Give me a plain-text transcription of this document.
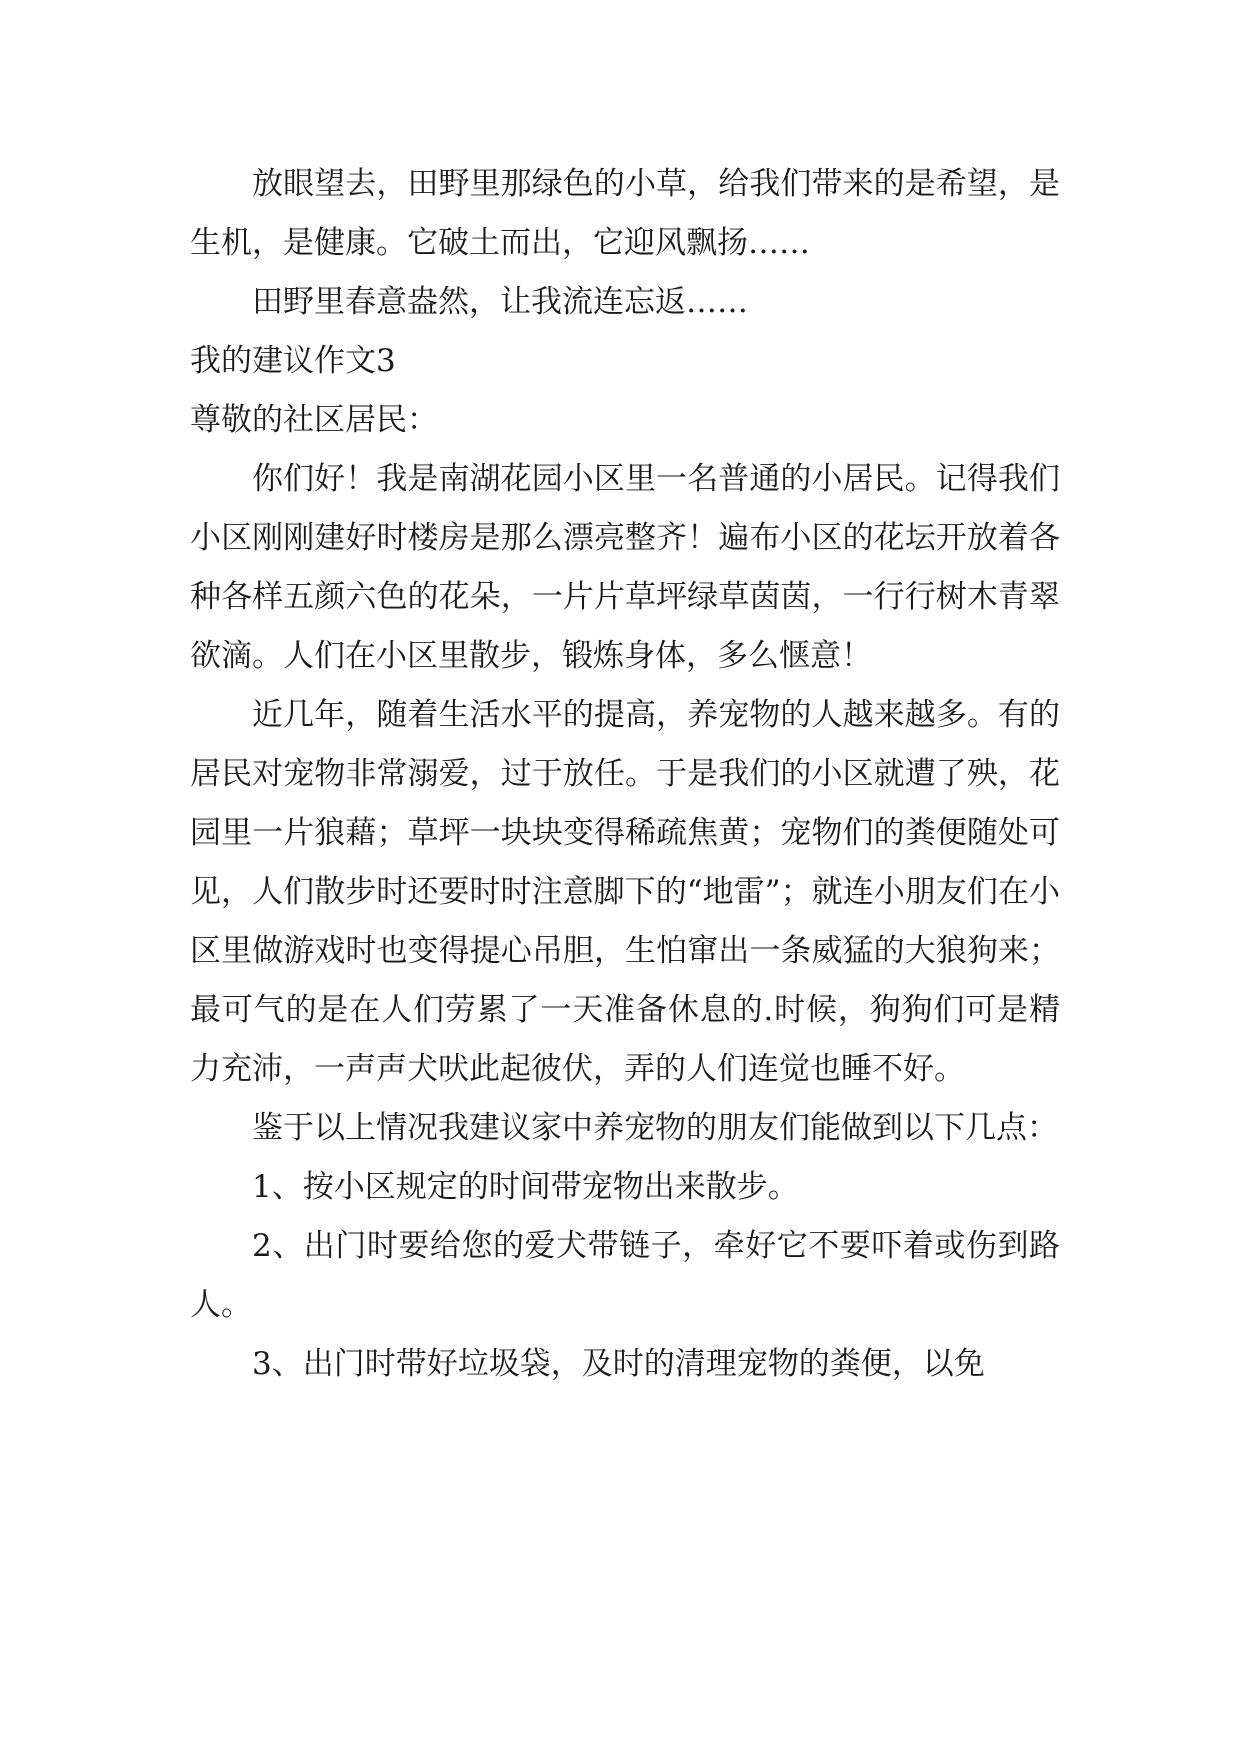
放眼望去，田野里那绿色的小草，给我们带来的是希望，是生机，是健康。它破土而出，它迎风飘扬……

田野里春意盎然，让我流连忘返……

我的建议作文3

尊敬的社区居民：

你们好！我是南湖花园小区里一名普通的小居民。记得我们小区刚刚建好时楼房是那么漂亮整齐！遍布小区的花坛开放着各种各样五颜六色的花朵，一片片草坪绿草茵茵，一行行树木青翠欲滴。人们在小区里散步，锻炼身体，多么惬意！

近几年，随着生活水平的提高，养宠物的人越来越多。有的居民对宠物非常溺爱，过于放任。于是我们的小区就遭了殃，花园里一片狼藉；草坪一块块变得稀疏焦黄；宠物们的粪便随处可见，人们散步时还要时时注意脚下的“地雷”；就连小朋友们在小区里做游戏时也变得提心吊胆，生怕窜出一条威猛的大狼狗来；最可气的是在人们劳累了一天准备休息的.时候，狗狗们可是精力充沛，一声声犬吠此起彼伏，弄的人们连觉也睡不好。

鉴于以上情况我建议家中养宠物的朋友们能做到以下几点：

1、按小区规定的时间带宠物出来散步。

2、出门时要给您的爱犬带链子，牵好它不要吓着或伤到路人。

3、出门时带好垃圾袋，及时的清理宠物的粪便，以免
